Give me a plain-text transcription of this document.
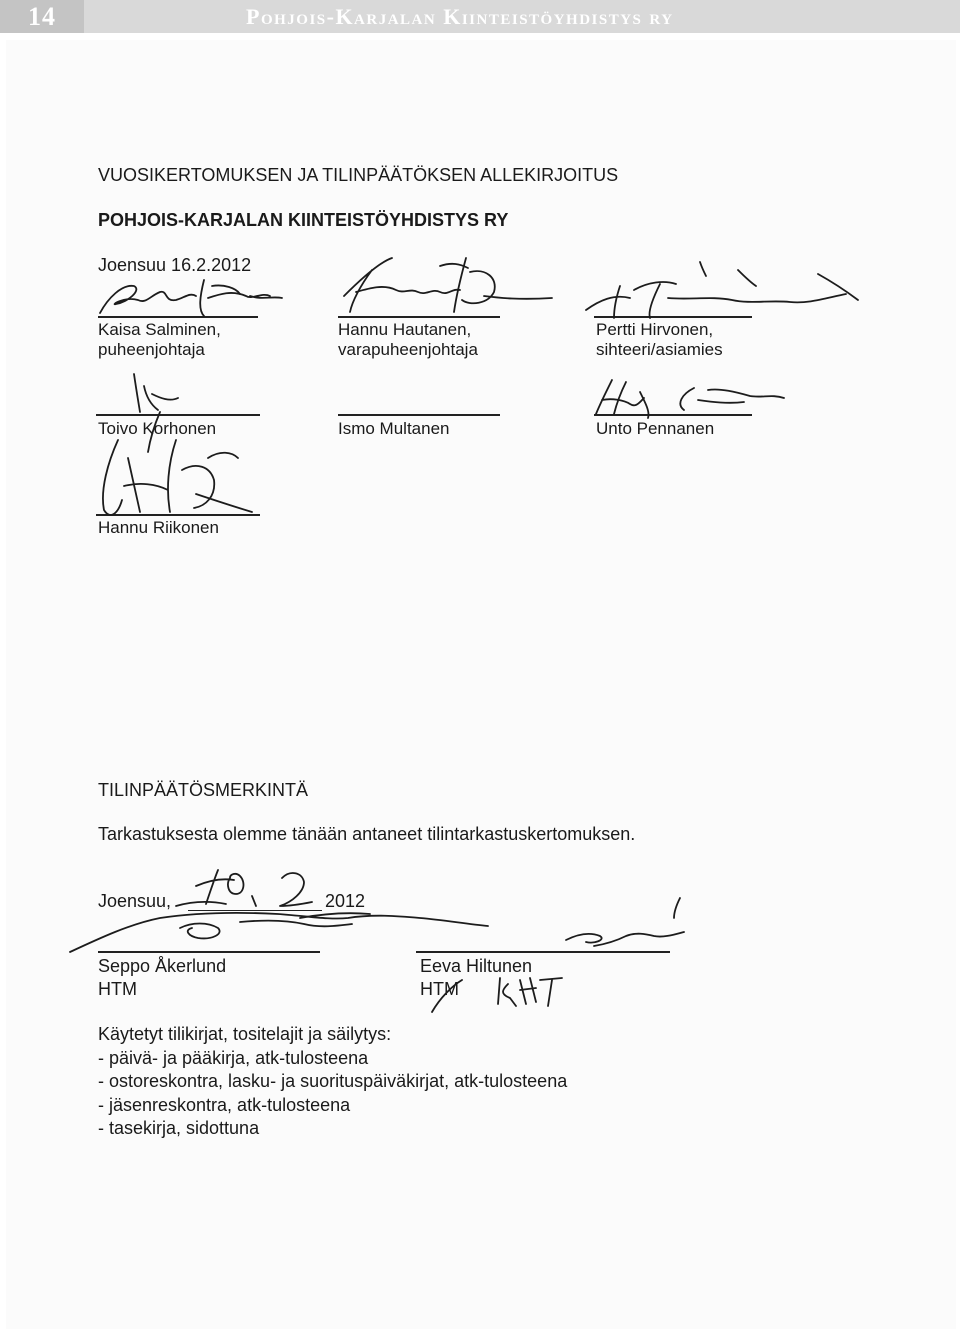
14	Pohjois-Karjalan Kiinteistöyhdistys ry
VUOSIKERTOMUKSEN JA TILINPÄÄTÖKSEN ALLEKIRJOITUS
POHJOIS-KARJALAN KIINTEISTÖYHDISTYS RY
Joensuu 16.2.2012
Kaisa Salminen,
puheenjohtaja
Hannu Hautanen,
varapuheenjohtaja
Pertti Hirvonen,
sihteeri/asiamies
Toivo Korhonen	Ismo Multanen	Unto Pennanen
Hannu Riikonen
TILINPÄÄTÖSMERKINTÄ
Tarkastuksesta olemme tänään antaneet tilintarkastuskertomuksen.
Joensuu,	2012
Seppo Åkerlund
HTM
Eeva Hiltunen
HTM
Käytetyt tilikirjat, tositelajit ja säilytys:
- päivä- ja pääkirja, atk-tulosteena
- ostoreskontra, lasku- ja suorituspäiväkirjat, atk-tulosteena
- jäsenreskontra, atk-tulosteena
- tasekirja, sidottuna
